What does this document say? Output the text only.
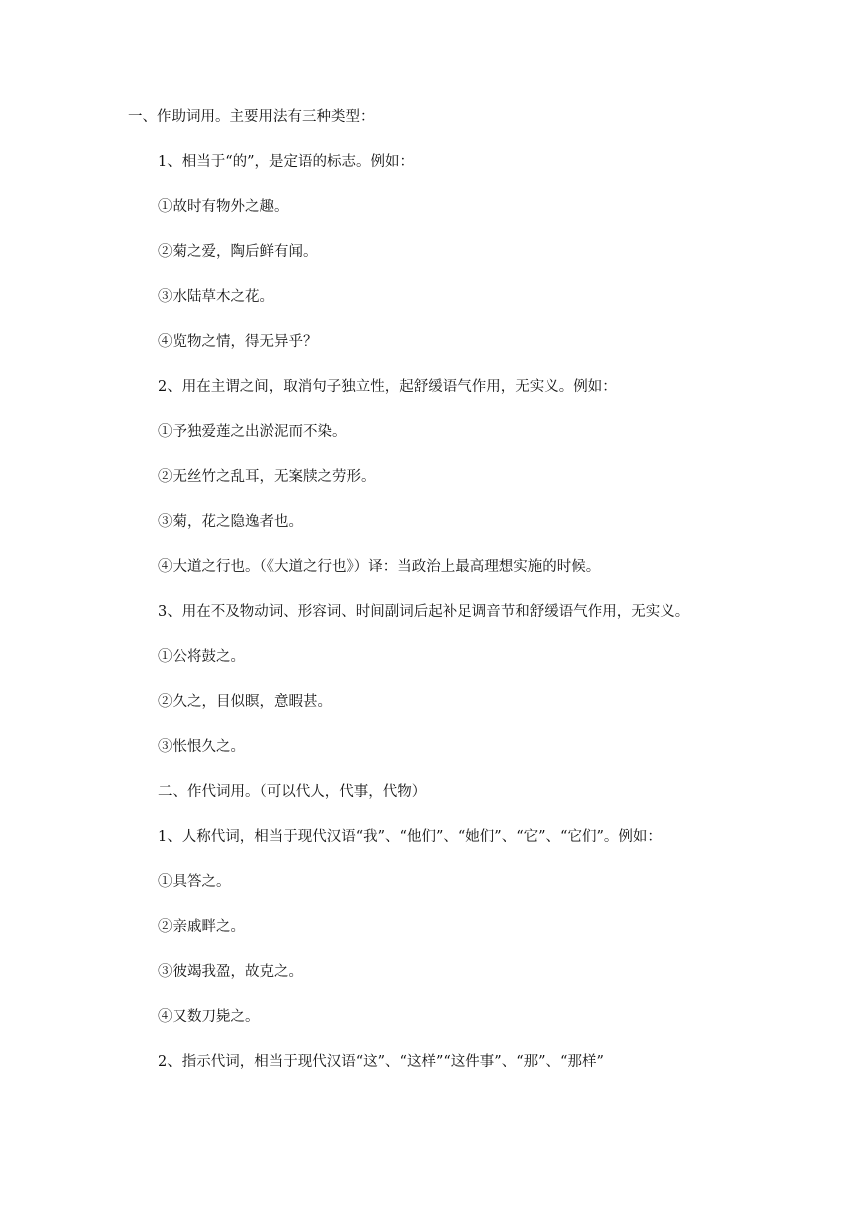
一、作助词用。主要用法有三种类型：

1、相当于“的”，是定语的标志。例如：

①故时有物外之趣。

②菊之爱，陶后鲜有闻。

③水陆草木之花。

④览物之情，得无异乎？

2、用在主谓之间，取消句子独立性，起舒缓语气作用，无实义。例如：

①予独爱莲之出淤泥而不染。

②无丝竹之乱耳，无案牍之劳形。

③菊，花之隐逸者也。

④大道之行也。（《大道之行也》）译：当政治上最高理想实施的时候。

3、用在不及物动词、形容词、时间副词后起补足调音节和舒缓语气作用，无实义。

①公将鼓之。

②久之，目似瞑，意暇甚。

③怅恨久之。

二、作代词用。（可以代人，代事，代物）

1、人称代词，相当于现代汉语“我”、“他们”、“她们”、“它”、“它们”。例如：

①具答之。

②亲戚畔之。

③彼竭我盈，故克之。

④又数刀毙之。

2、指示代词，相当于现代汉语“这”、“这样”“这件事”、“那”、“那样”
